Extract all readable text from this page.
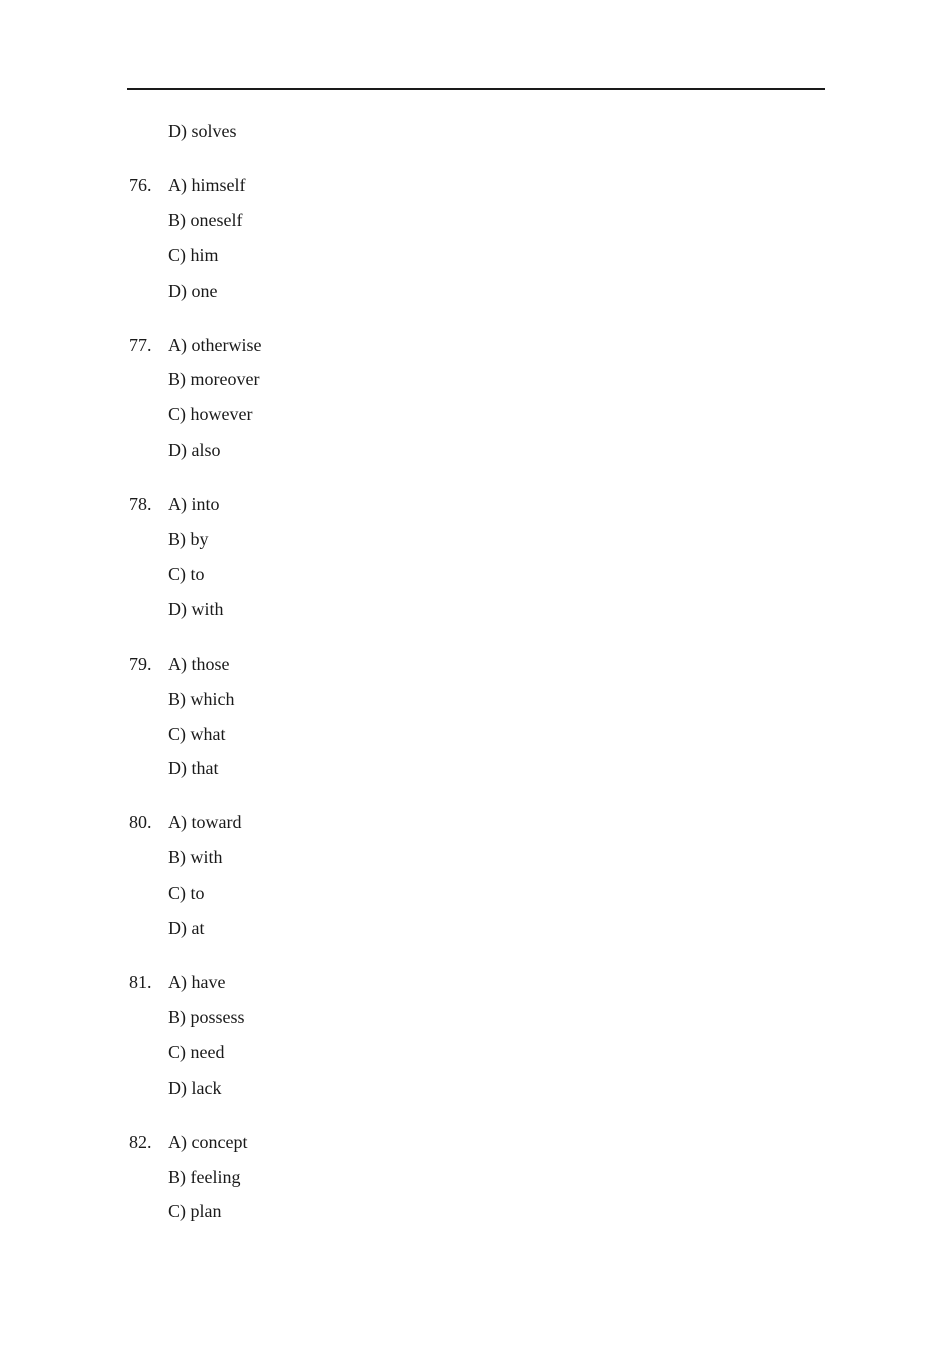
D) solves
76. A) himself
B) oneself
C) him
D) one
77. A) otherwise
B) moreover
C) however
D) also
78. A) into
B) by
C) to
D) with
79. A) those
B) which
C) what
D) that
80. A) toward
B) with
C) to
D) at
81. A) have
B) possess
C) need
D) lack
82. A) concept
B) feeling
C) plan
